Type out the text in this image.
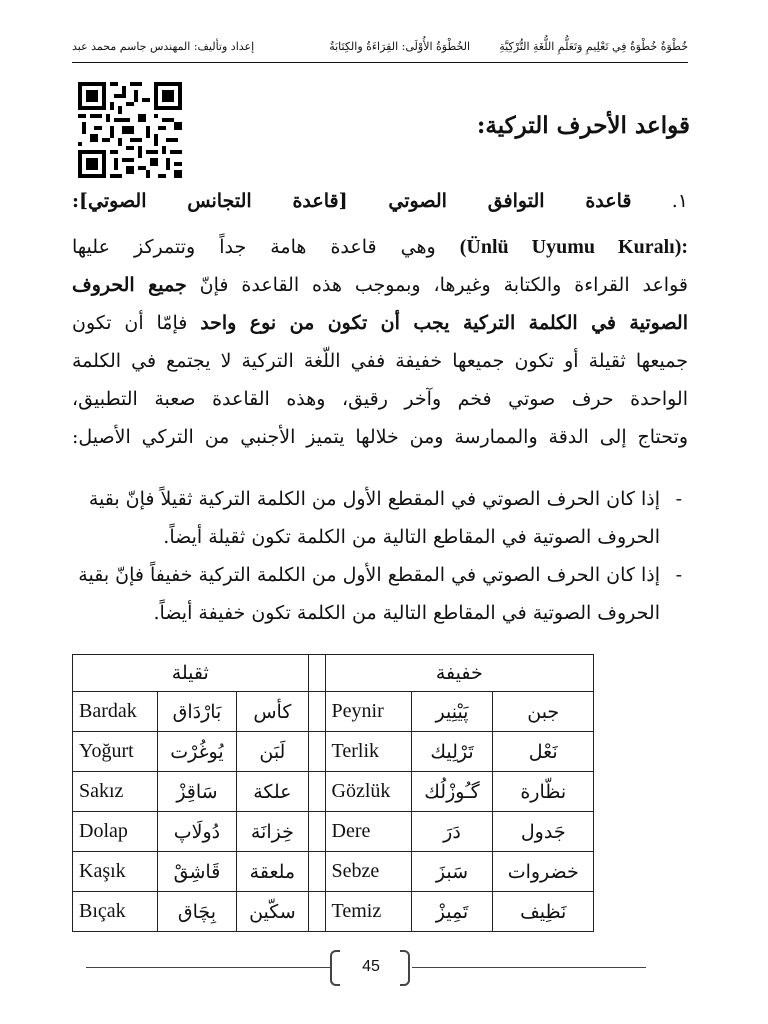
خُطْوَةٌ خُطْوَةٌ فِي تَعْلِيمِ وَتَعَلُّمِ اللُّغَةِ التُّرْكِيَّةِ
الخُطْوَةُ الأُوْلَى: القِرَاءَةُ والكِتَابَةُ
إعداد وتأليف: المهندس جاسم محمد عبد
قواعد الأحرف التركية:
١. قاعدة التوافق الصوتي [قاعدة التجانس الصوتي]:
(Ünlü Uyumu Kuralı): وهي قاعدة هامة جداً وتتمركز عليها
قواعد القراءة والكتابة وغيرها، وبموجب هذه القاعدة فإنّ جميع الحروف
الصوتية في الكلمة التركية يجب أن تكون من نوع واحد فإمّا أن تكون
جميعها ثقيلة أو تكون جميعها خفيفة ففي اللّغة التركية لا يجتمع في الكلمة
الواحدة حرف صوتي فخم وآخر رقيق، وهذه القاعدة صعبة التطبيق،
وتحتاج إلى الدقة والممارسة ومن خلالها يتميز الأجنبي من التركي الأصيل:
- إذا كان الحرف الصوتي في المقطع الأول من الكلمة التركية ثقيلاً فإنّ بقية الحروف الصوتية في المقاطع التالية من الكلمة تكون ثقيلة أيضاً.
- إذا كان الحرف الصوتي في المقطع الأول من الكلمة التركية خفيفاً فإنّ بقية الحروف الصوتية في المقاطع التالية من الكلمة تكون خفيفة أيضاً.
خفيفة				ثقيلة		
جبن	پَيْنِير	Peynir		كأس	بَارْدَاق	Bardak
نَعْل	تَرْلِيك	Terlik		لَبَن	يُوغُرْت	Yoğurt
نظّارة	گـُوزْلُك	Gözlük		علكة	سَاقِزْ	Sakız
جَدول	دَرَ	Dere		خِزانَة	دُولَاپ	Dolap
خضروات	سَبزَ	Sebze		ملعقة	قَاشِقْ	Kaşık
نَظِيف	تَمِيزْ	Temiz		سكّين	بِچَاق	Bıçak
45
